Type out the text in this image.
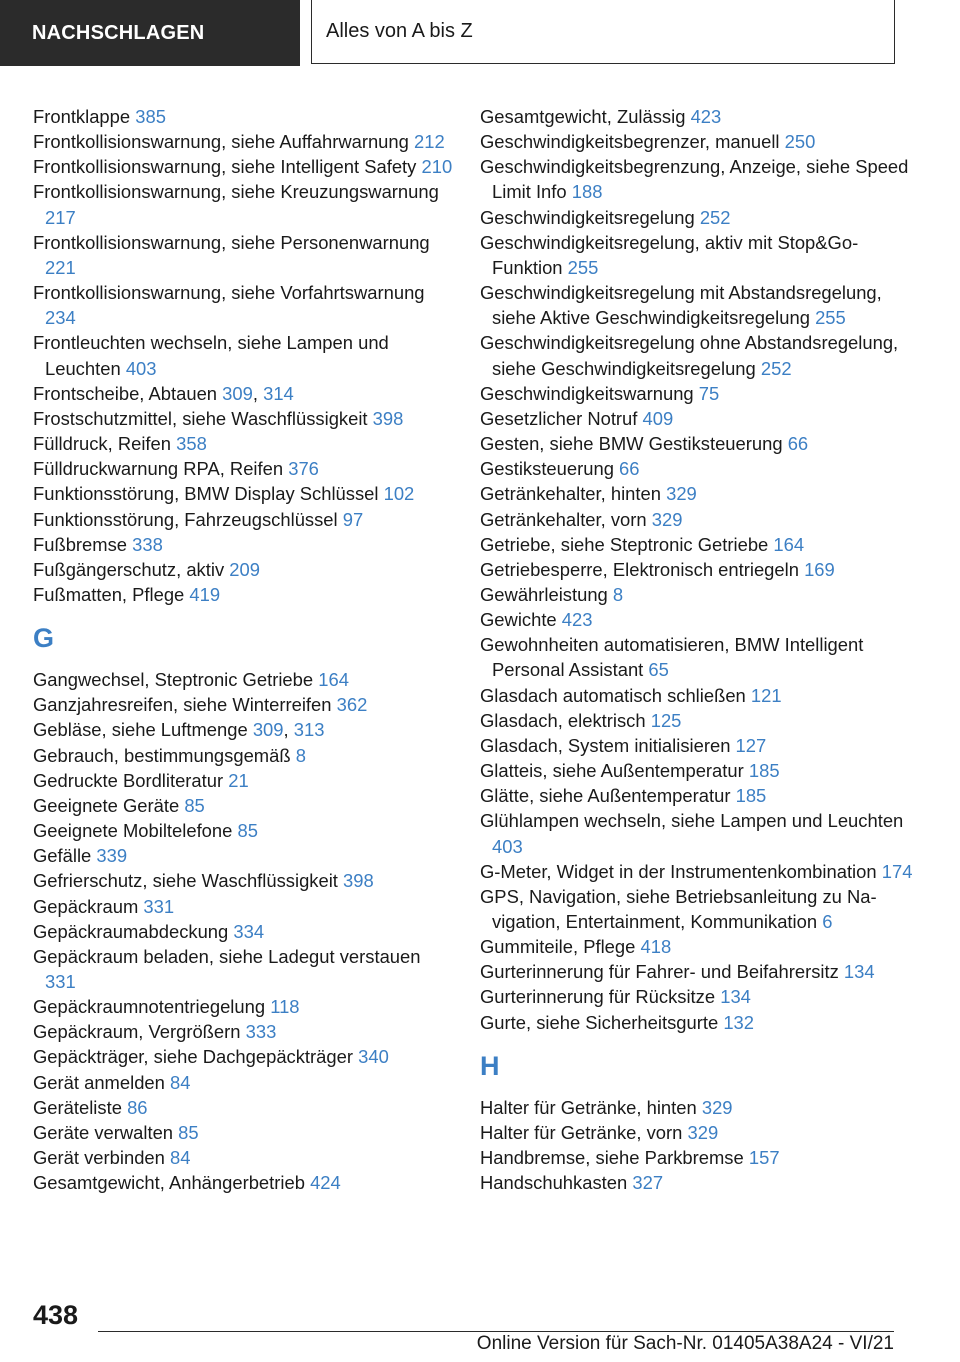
NACHSCHLAGEN	Alles von A bis Z
Frontklappe 385
Frontkollisionswarnung, siehe Auffahrwarnung 212
Frontkollisionswarnung, siehe Intelligent Safety 210
Frontkollisionswarnung, siehe Kreuzungswarnung 217
Frontkollisionswarnung, siehe Personenwarnung 221
Frontkollisionswarnung, siehe Vorfahrtswarnung 234
Frontleuchten wechseln, siehe Lampen und Leuchten 403
Frontscheibe, Abtauen 309, 314
Frostschutzmittel, siehe Waschflüssigkeit 398
Fülldruck, Reifen 358
Fülldruckwarnung RPA, Reifen 376
Funktionsstörung, BMW Display Schlüssel 102
Funktionsstörung, Fahrzeugschlüssel 97
Fußbremse 338
Fußgängerschutz, aktiv 209
Fußmatten, Pflege 419
G
Gangwechsel, Steptronic Getriebe 164
Ganzjahresreifen, siehe Winterreifen 362
Gebläse, siehe Luftmenge 309, 313
Gebrauch, bestimmungsgemäß 8
Gedruckte Bordliteratur 21
Geeignete Geräte 85
Geeignete Mobiltelefone 85
Gefälle 339
Gefrierschutz, siehe Waschflüssigkeit 398
Gepäckraum 331
Gepäckraumabdeckung 334
Gepäckraum beladen, siehe Ladegut verstauen 331
Gepäckraumnotentriegelung 118
Gepäckraum, Vergrößern 333
Gepäckträger, siehe Dachgepäckträger 340
Gerät anmelden 84
Geräteliste 86
Geräte verwalten 85
Gerät verbinden 84
Gesamtgewicht, Anhängerbetrieb 424
Gesamtgewicht, Zulässig 423
Geschwindigkeitsbegrenzer, manuell 250
Geschwindigkeitsbegrenzung, Anzeige, siehe Speed Limit Info 188
Geschwindigkeitsregelung 252
Geschwindigkeitsregelung, aktiv mit Stop&Go-Funktion 255
Geschwindigkeitsregelung mit Abstandsregelung, siehe Aktive Geschwindigkeitsregelung 255
Geschwindigkeitsregelung ohne Abstandsregelung, siehe Geschwindigkeitsregelung 252
Geschwindigkeitswarnung 75
Gesetzlicher Notruf 409
Gesten, siehe BMW Gestiksteuerung 66
Gestiksteuerung 66
Getränkehalter, hinten 329
Getränkehalter, vorn 329
Getriebe, siehe Steptronic Getriebe 164
Getriebesperre, Elektronisch entriegeln 169
Gewährleistung 8
Gewichte 423
Gewohnheiten automatisieren, BMW Intelligent Personal Assistant 65
Glasdach automatisch schließen 121
Glasdach, elektrisch 125
Glasdach, System initialisieren 127
Glatteis, siehe Außentemperatur 185
Glätte, siehe Außentemperatur 185
Glühlampen wechseln, siehe Lampen und Leuchten 403
G-Meter, Widget in der Instrumentenkombination 174
GPS, Navigation, siehe Betriebsanleitung zu Navigation, Entertainment, Kommunikation 6
Gummiteile, Pflege 418
Gurterinnerung für Fahrer- und Beifahrersitz 134
Gurterinnerung für Rücksitze 134
Gurte, siehe Sicherheitsgurte 132
H
Halter für Getränke, hinten 329
Halter für Getränke, vorn 329
Handbremse, siehe Parkbremse 157
Handschuhkasten 327
438
Online Version für Sach-Nr. 01405A38A24 - VI/21
